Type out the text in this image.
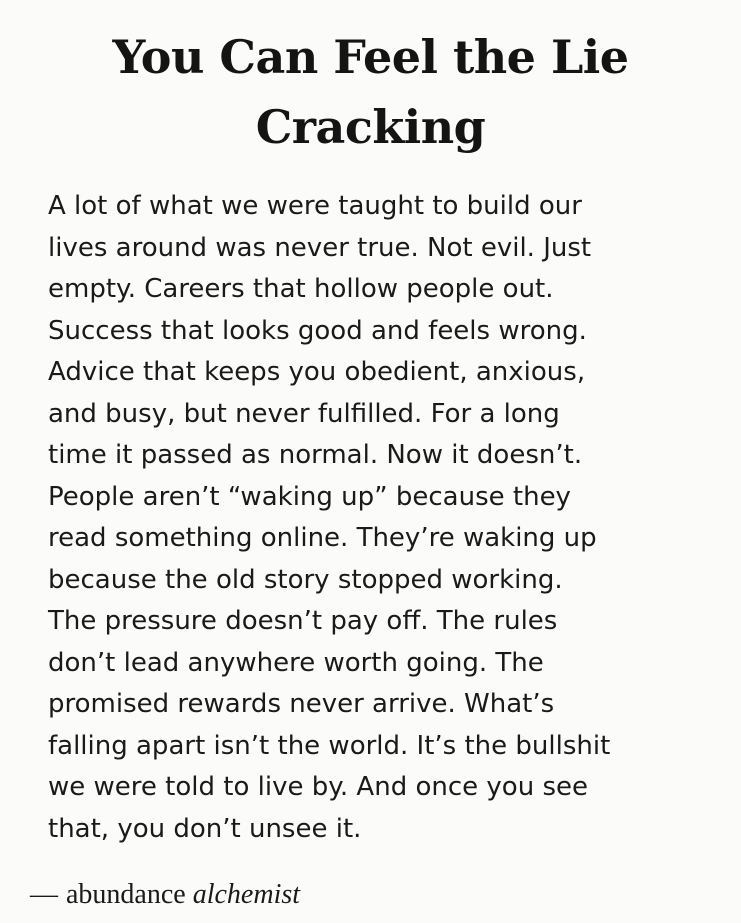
You Can Feel the Lie
Cracking
A lot of what we were taught to build our
lives around was never true. Not evil. Just
empty. Careers that hollow people out.
Success that looks good and feels wrong.
Advice that keeps you obedient, anxious,
and busy, but never fulfilled. For a long
time it passed as normal. Now it doesn’t.
People aren’t “waking up” because they
read something online. They’re waking up
because the old story stopped working.
The pressure doesn’t pay off. The rules
don’t lead anywhere worth going. The
promised rewards never arrive. What’s
falling apart isn’t the world. It’s the bullshit
we were told to live by. And once you see
that, you don’t unsee it.
— abundance alchemist
